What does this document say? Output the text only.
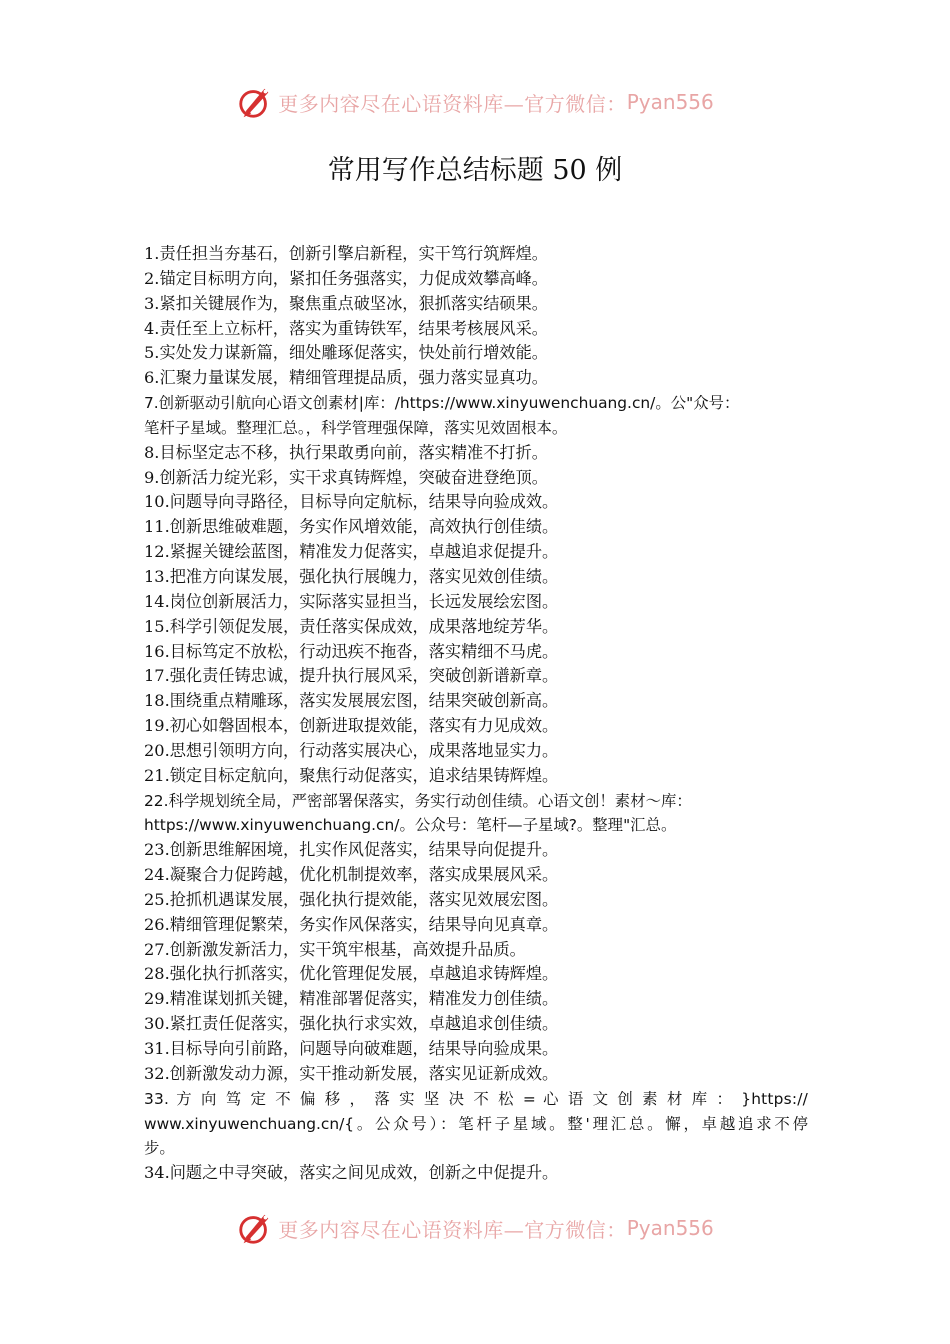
更多内容尽在心语资料库—官方微信： Pyan556
常用写作总结标题 50 例
1.责任担当夯基石，创新引擎启新程，实干笃行筑辉煌。
2.锚定目标明方向，紧扣任务强落实，力促成效攀高峰。
3.紧扣关键展作为，聚焦重点破坚冰，狠抓落实结硕果。
4.责任至上立标杆，落实为重铸铁军，结果考核展风采。
5.实处发力谋新篇，细处雕琢促落实，快处前行增效能。
6.汇聚力量谋发展，精细管理提品质，强力落实显真功。
7.创新驱动引航向心语文创素材|库：/https://www.xinyuwenchuang.cn/。公"众号：
笔杆子星域。整理汇总。，科学管理强保障，落实见效固根本。
8.目标坚定志不移，执行果敢勇向前，落实精准不打折。
9.创新活力绽光彩，实干求真铸辉煌，突破奋进登绝顶。
10.问题导向寻路径，目标导向定航标，结果导向验成效。
11.创新思维破难题，务实作风增效能，高效执行创佳绩。
12.紧握关键绘蓝图，精准发力促落实，卓越追求促提升。
13.把准方向谋发展，强化执行展魄力，落实见效创佳绩。
14.岗位创新展活力，实际落实显担当，长远发展绘宏图。
15.科学引领促发展，责任落实保成效，成果落地绽芳华。
16.目标笃定不放松，行动迅疾不拖沓，落实精细不马虎。
17.强化责任铸忠诚，提升执行展风采，突破创新谱新章。
18.围绕重点精雕琢，落实发展展宏图，结果突破创新高。
19.初心如磐固根本，创新进取提效能，落实有力见成效。
20.思想引领明方向，行动落实展决心，成果落地显实力。
21.锁定目标定航向，聚焦行动促落实，追求结果铸辉煌。
22.科学规划统全局，严密部署保落实，务实行动创佳绩。心语文创！素材～库：
https://www.xinyuwenchuang.cn/。公众号：笔杆—子星域?。整理"汇总。
23.创新思维解困境，扎实作风促落实，结果导向促提升。
24.凝聚合力促跨越，优化机制提效率，落实成果展风采。
25.抢抓机遇谋发展，强化执行提效能，落实见效展宏图。
26.精细管理促繁荣，务实作风保落实，结果导向见真章。
27.创新激发新活力，实干筑牢根基，高效提升品质。
28.强化执行抓落实，优化管理促发展，卓越追求铸辉煌。
29.精准谋划抓关键，精准部署促落实，精准发力创佳绩。
30.紧扛责任促落实，强化执行求实效，卓越追求创佳绩。
31.目标导向引前路，问题导向破难题，结果导向验成果。
32.创新激发动力源，实干推动新发展，落实见证新成效。
33. 方 向 笃 定 不 偏 移 ， 落 实 坚 决 不 松 = 心 语 文 创 素 材 库 ： }https://
www.xinyuwenchuang.cn/{。公众号）：笔杆子星域。整'理汇总。懈，卓越追求不停
步。
34.问题之中寻突破，落实之间见成效，创新之中促提升。
更多内容尽在心语资料库—官方微信： Pyan556
